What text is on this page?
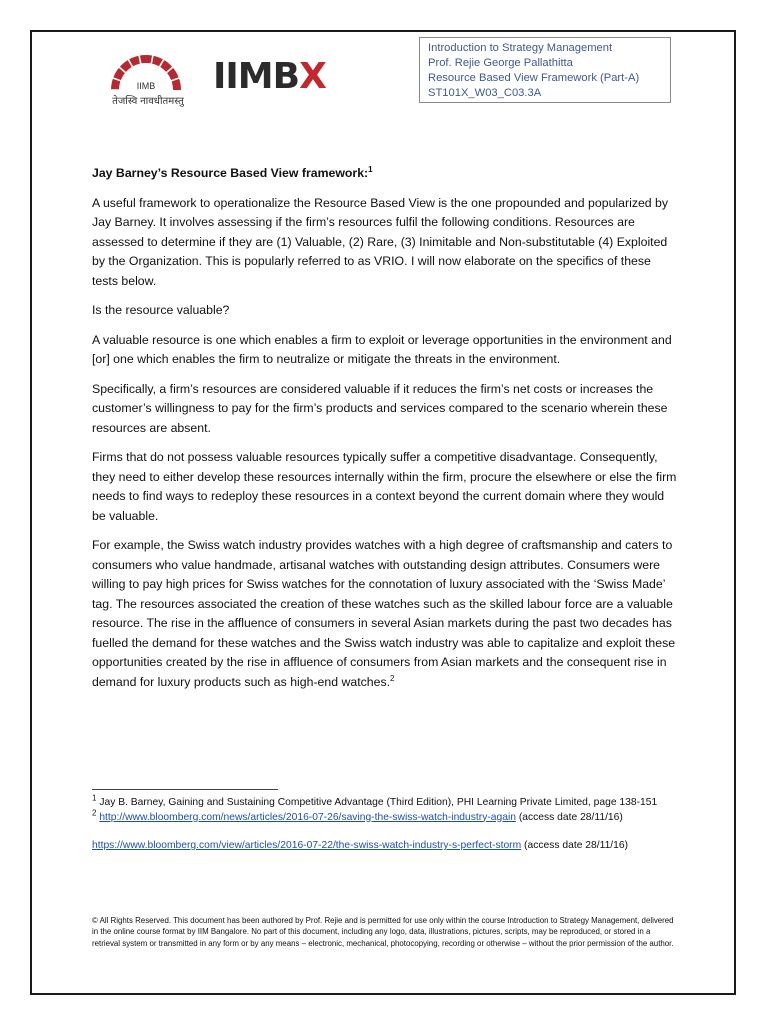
Introduction to Strategy Management
Prof. Rejie George Pallathitta
Resource Based View Framework (Part-A)
ST101X_W03_C03.3A
IIMB
तेजस्वि नावधीतमस्तु
IIMBX
Jay Barney’s Resource Based View framework:$^1$

A useful framework to operationalize the Resource Based View is the one propounded and popularized by Jay Barney. It involves assessing if the firm’s resources fulfil the following conditions. Resources are assessed to determine if they are (1) Valuable, (2) Rare, (3) Inimitable and Non-substitutable (4) Exploited by the Organization. This is popularly referred to as VRIO. I will now elaborate on the specifics of these tests below.

Is the resource valuable?

A valuable resource is one which enables a firm to exploit or leverage opportunities in the environment and [or] one which enables the firm to neutralize or mitigate the threats in the environment.

Specifically, a firm’s resources are considered valuable if it reduces the firm’s net costs or increases the customer’s willingness to pay for the firm’s products and services compared to the scenario wherein these resources are absent.

Firms that do not possess valuable resources typically suffer a competitive disadvantage. Consequently, they need to either develop these resources internally within the firm, procure the elsewhere or else the firm needs to find ways to redeploy these resources in a context beyond the current domain where they would be valuable.

For example, the Swiss watch industry provides watches with a high degree of craftsmanship and caters to consumers who value handmade, artisanal watches with outstanding design attributes. Consumers were willing to pay high prices for Swiss watches for the connotation of luxury associated with the ‘Swiss Made’ tag. The resources associated the creation of these watches such as the skilled labour force are a valuable resource. The rise in the affluence of consumers in several Asian markets during the past two decades has fuelled the demand for these watches and the Swiss watch industry was able to capitalize and exploit these opportunities created by the rise in affluence of consumers from Asian markets and the consequent rise in demand for luxury products such as high-end watches.$^2$

$^1$ Jay B. Barney, Gaining and Sustaining Competitive Advantage (Third Edition), PHI Learning Private Limited, page 138-151

$^2$ http://www.bloomberg.com/news/articles/2016-07-26/saving-the-swiss-watch-industry-again (access date 28/11/16)

https://www.bloomberg.com/view/articles/2016-07-22/the-swiss-watch-industry-s-perfect-storm (access date 28/11/16)

© All Rights Reserved. This document has been authored by Prof. Rejie and is permitted for use only within the course Introduction to Strategy Management, delivered in the online course format by IIM Bangalore. No part of this document, including any logo, data, illustrations, pictures, scripts, may be reproduced, or stored in a retrieval system or transmitted in any form or by any means – electronic, mechanical, photocopying, recording or otherwise – without the prior permission of the author.
